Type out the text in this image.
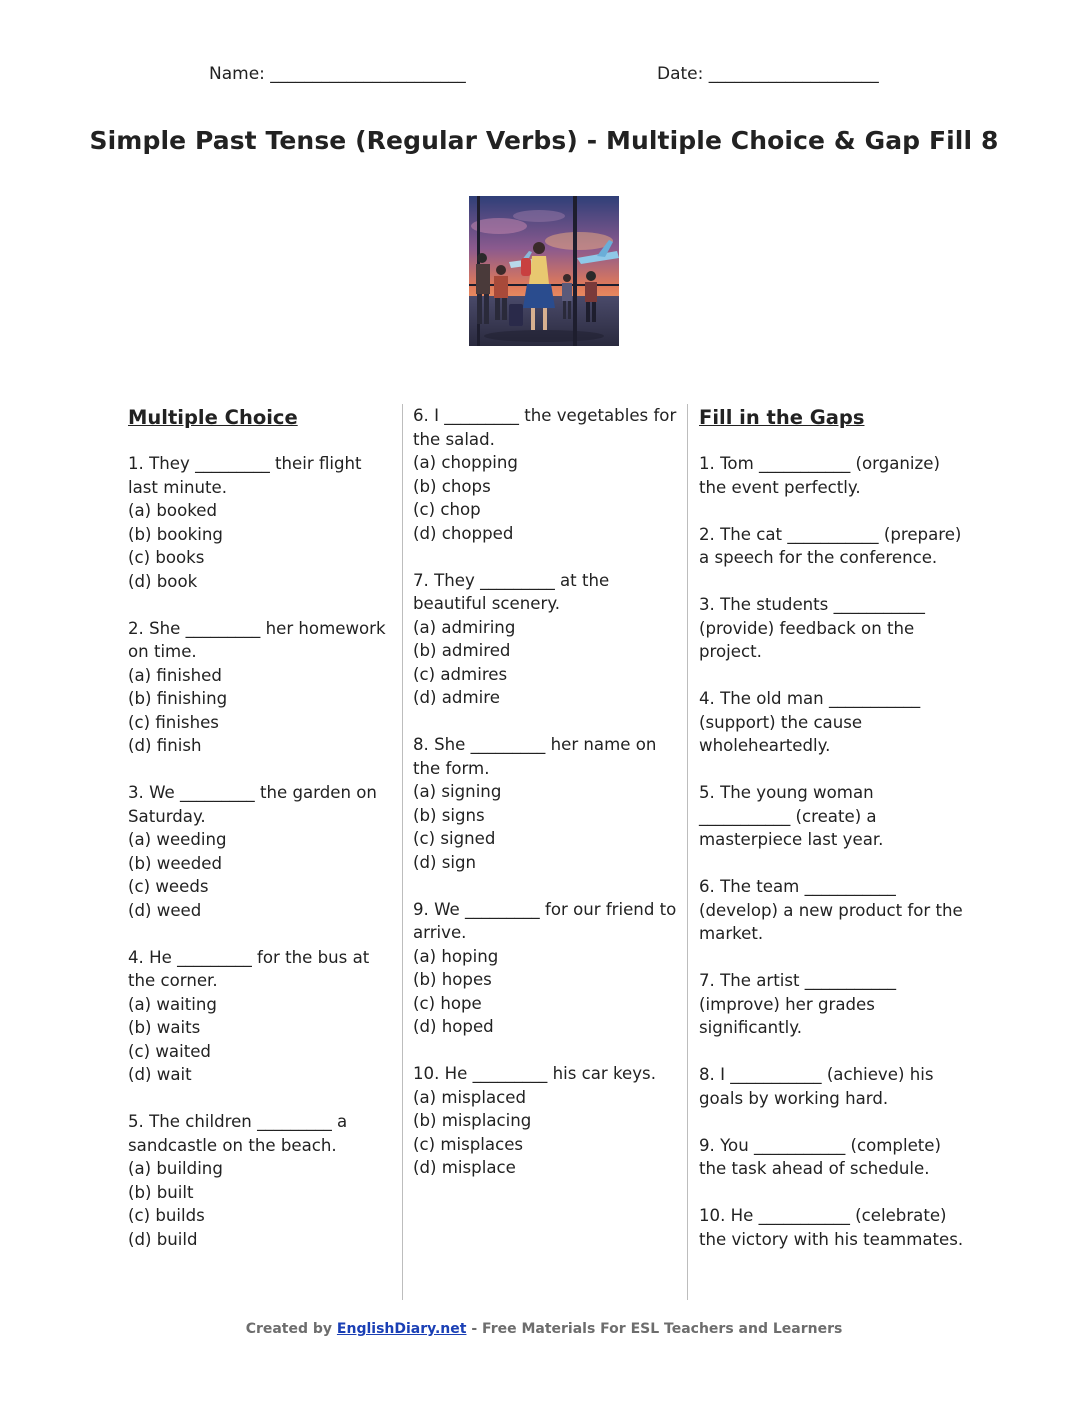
Name: _______________________	Date: ____________________
Simple Past Tense (Regular Verbs) - Multiple Choice & Gap Fill 8
Multiple Choice
1. They _________ their flight last minute.
(a) booked
(b) booking
(c) books
(d) book
2. She _________ her homework on time.
(a) finished
(b) finishing
(c) finishes
(d) finish
3. We _________ the garden on Saturday.
(a) weeding
(b) weeded
(c) weeds
(d) weed
4. He _________ for the bus at the corner.
(a) waiting
(b) waits
(c) waited
(d) wait
5. The children _________ a sandcastle on the beach.
(a) building
(b) built
(c) builds
(d) build
6. I _________ the vegetables for the salad.
(a) chopping
(b) chops
(c) chop
(d) chopped
7. They _________ at the beautiful scenery.
(a) admiring
(b) admired
(c) admires
(d) admire
8. She _________ her name on the form.
(a) signing
(b) signs
(c) signed
(d) sign
9. We _________ for our friend to arrive.
(a) hoping
(b) hopes
(c) hope
(d) hoped
10. He _________ his car keys.
(a) misplaced
(b) misplacing
(c) misplaces
(d) misplace
Fill in the Gaps
1. Tom ___________ (organize) the event perfectly.
2. The cat ___________ (prepare) a speech for the conference.
3. The students ___________ (provide) feedback on the project.
4. The old man ___________ (support) the cause wholeheartedly.
5. The young woman ___________ (create) a masterpiece last year.
6. The team ___________ (develop) a new product for the market.
7. The artist ___________ (improve) her grades significantly.
8. I ___________ (achieve) his goals by working hard.
9. You ___________ (complete) the task ahead of schedule.
10. He ___________ (celebrate) the victory with his teammates.
Created by EnglishDiary.net - Free Materials For ESL Teachers and Learners
